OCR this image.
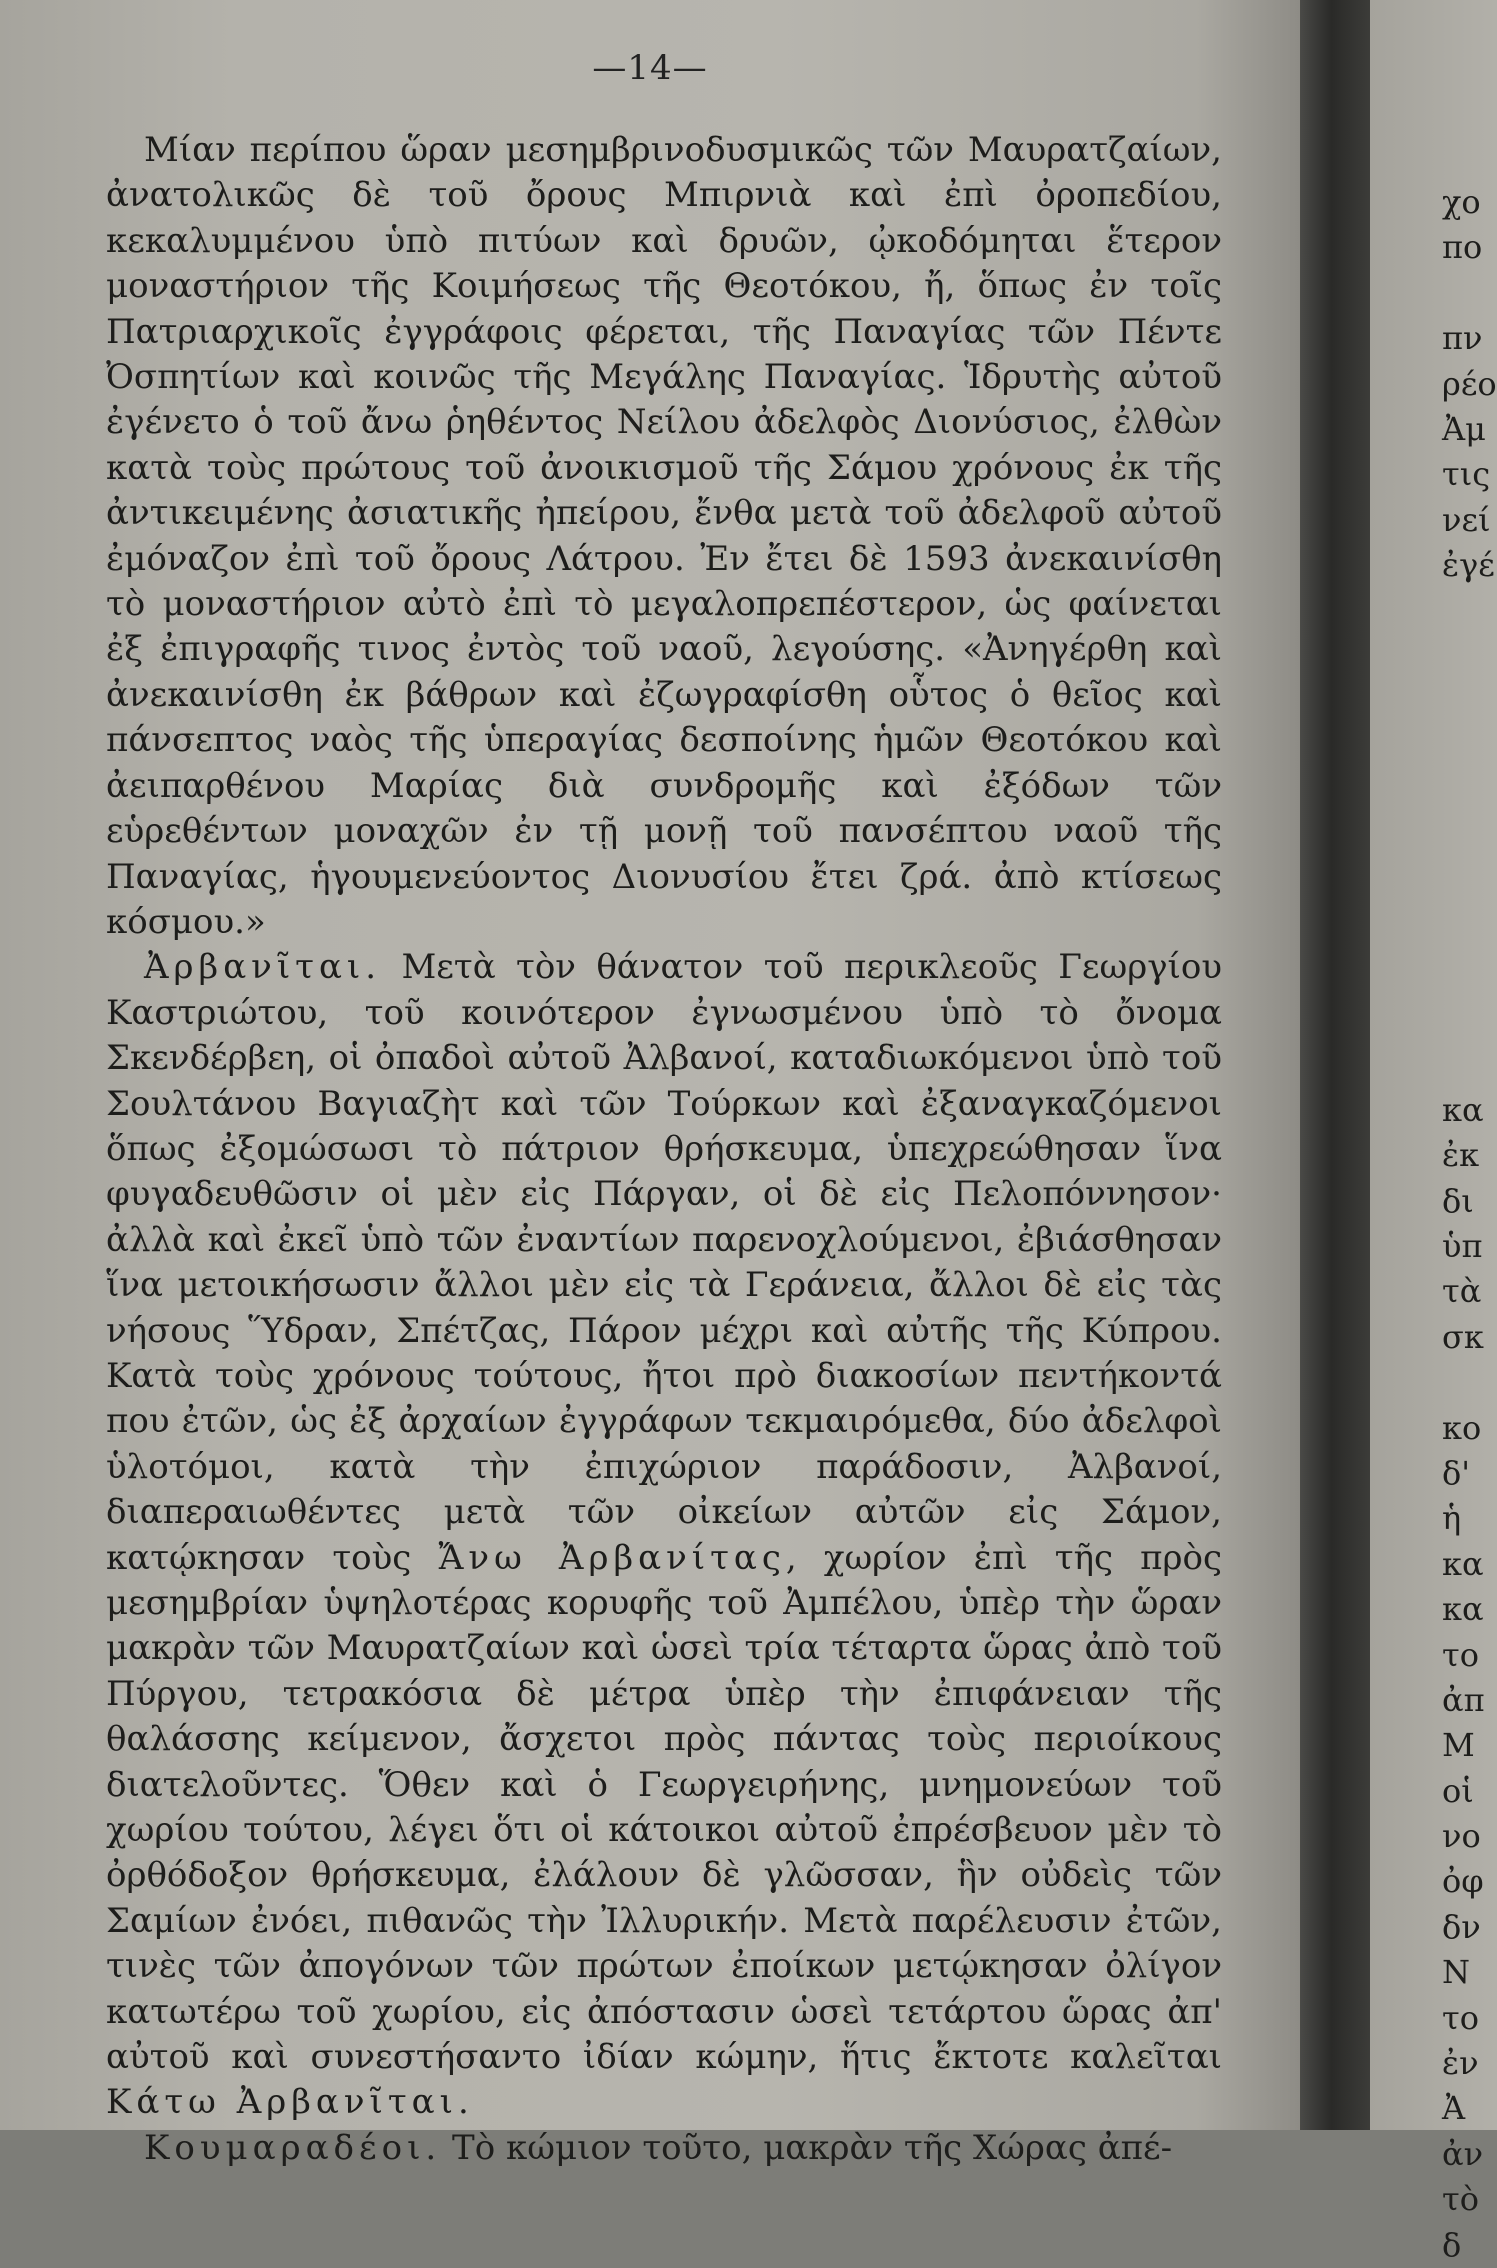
—14—

Μίαν περίπου ὥραν μεσημβρινοδυσμικῶς τῶν Μαυρατζαίων, ἀνατολικῶς δὲ τοῦ ὄρους Μπιρνιὰ καὶ ἐπὶ ὀροπεδίου, κεκαλυμμένου ὑπὸ πιτύων καὶ δρυῶν, ᾠκοδόμηται ἕτερον μοναστήριον τῆς Κοιμήσεως τῆς Θεοτόκου, ἤ, ὅπως ἐν τοῖς Πατριαρχικοῖς ἐγγράφοις φέρεται, τῆς Παναγίας τῶν Πέντε Ὀσπητίων καὶ κοινῶς τῆς Μεγάλης Παναγίας. Ἱδρυτὴς αὐτοῦ ἐγένετο ὁ τοῦ ἄνω ῥηθέντος Νείλου ἀδελφὸς Διονύσιος, ἐλθὼν κατὰ τοὺς πρώτους τοῦ ἀνοικισμοῦ τῆς Σάμου χρόνους ἐκ τῆς ἀντικειμένης ἀσιατικῆς ἠπείρου, ἔνθα μετὰ τοῦ ἀδελφοῦ αὐτοῦ ἐμόναζον ἐπὶ τοῦ ὄρους Λάτρου. Ἐν ἔτει δὲ 1593 ἀνεκαινίσθη τὸ μοναστήριον αὐτὸ ἐπὶ τὸ μεγαλοπρεπέστερον, ὡς φαίνεται ἐξ ἐπιγραφῆς τινος ἐντὸς τοῦ ναοῦ, λεγούσης. «Ἀνηγέρθη καὶ ἀνεκαινίσθη ἐκ βάθρων καὶ ἐζωγραφίσθη οὗτος ὁ θεῖος καὶ πάνσεπτος ναὸς τῆς ὑπεραγίας δεσποίνης ἡμῶν Θεοτόκου καὶ ἀειπαρθένου Μαρίας διὰ συνδρομῆς καὶ ἐξόδων τῶν εὑρεθέντων μοναχῶν ἐν τῇ μονῇ τοῦ πανσέπτου ναοῦ τῆς Παναγίας, ἡγουμενεύοντος Διονυσίου ἔτει ζρά. ἀπὸ κτίσεως κόσμου.»

Ἀρβανῖται. Μετὰ τὸν θάνατον τοῦ περικλεοῦς Γεωργίου Καστριώτου, τοῦ κοινότερον ἐγνωσμένου ὑπὸ τὸ ὄνομα Σκενδέρβεη, οἱ ὀπαδοὶ αὐτοῦ Ἀλβανοί, καταδιωκόμενοι ὑπὸ τοῦ Σουλτάνου Βαγιαζὴτ καὶ τῶν Τούρκων καὶ ἐξαναγκαζόμενοι ὅπως ἐξομώσωσι τὸ πάτριον θρήσκευμα, ὑπεχρεώθησαν ἵνα φυγαδευθῶσιν οἱ μὲν εἰς Πάργαν, οἱ δὲ εἰς Πελοπόννησον· ἀλλὰ καὶ ἐκεῖ ὑπὸ τῶν ἐναντίων παρενοχλούμενοι, ἐβιάσθησαν ἵνα μετοικήσωσιν ἄλλοι μὲν εἰς τὰ Γεράνεια, ἄλλοι δὲ εἰς τὰς νήσους Ὕδραν, Σπέτζας, Πάρον μέχρι καὶ αὐτῆς τῆς Κύπρου. Κατὰ τοὺς χρόνους τούτους, ἤτοι πρὸ διακοσίων πεντήκοντά που ἐτῶν, ὡς ἐξ ἀρχαίων ἐγγράφων τεκμαιρόμεθα, δύο ἀδελφοὶ ὑλοτόμοι, κατὰ τὴν ἐπιχώριον παράδοσιν, Ἀλβανοί, διαπεραιωθέντες μετὰ τῶν οἰκείων αὐτῶν εἰς Σάμον, κατῴκησαν τοὺς Ἄνω Ἀρβανίτας, χωρίον ἐπὶ τῆς πρὸς μεσημβρίαν ὑψηλοτέρας κορυφῆς τοῦ Ἀμπέλου, ὑπὲρ τὴν ὥραν μακρὰν τῶν Μαυρατζαίων καὶ ὡσεὶ τρία τέταρτα ὥρας ἀπὸ τοῦ Πύργου, τετρακόσια δὲ μέτρα ὑπὲρ τὴν ἐπιφάνειαν τῆς θαλάσσης κείμενον, ἄσχετοι πρὸς πάντας τοὺς περιοίκους διατελοῦντες. Ὅθεν καὶ ὁ Γεωργειρήνης, μνημονεύων τοῦ χωρίου τούτου, λέγει ὅτι οἱ κάτοικοι αὐτοῦ ἐπρέσβευον μὲν τὸ ὀρθόδοξον θρήσκευμα, ἐλάλουν δὲ γλῶσσαν, ἣν οὐδεὶς τῶν Σαμίων ἐνόει, πιθανῶς τὴν Ἰλλυρικήν. Μετὰ παρέλευσιν ἐτῶν, τινὲς τῶν ἀπογόνων τῶν πρώτων ἐποίκων μετῴκησαν ὀλίγον κατωτέρω τοῦ χωρίου, εἰς ἀπόστασιν ὡσεὶ τετάρτου ὥρας ἀπ' αὐτοῦ καὶ συνεστήσαντο ἰδίαν κώμην, ἥτις ἔκτοτε καλεῖται Κάτω Ἀρβανῖται.

Κουμαραδέοι. Τὸ κώμιον τοῦτο, μακρὰν τῆς Χώρας ἀπέ-

χο
πο
πν
ρέο
Ἀμ
τις
νεί
ἐγέ
κα
ἐκ
δι
ὑπ
τὰ
σκ
κο
δ'
ἡ
κα
κα
το
ἀπ
Μ
οἱ
νο
ὀφ
δν
Ν
το
ἐν
Ἀ
ἀν
τὸ
δ
